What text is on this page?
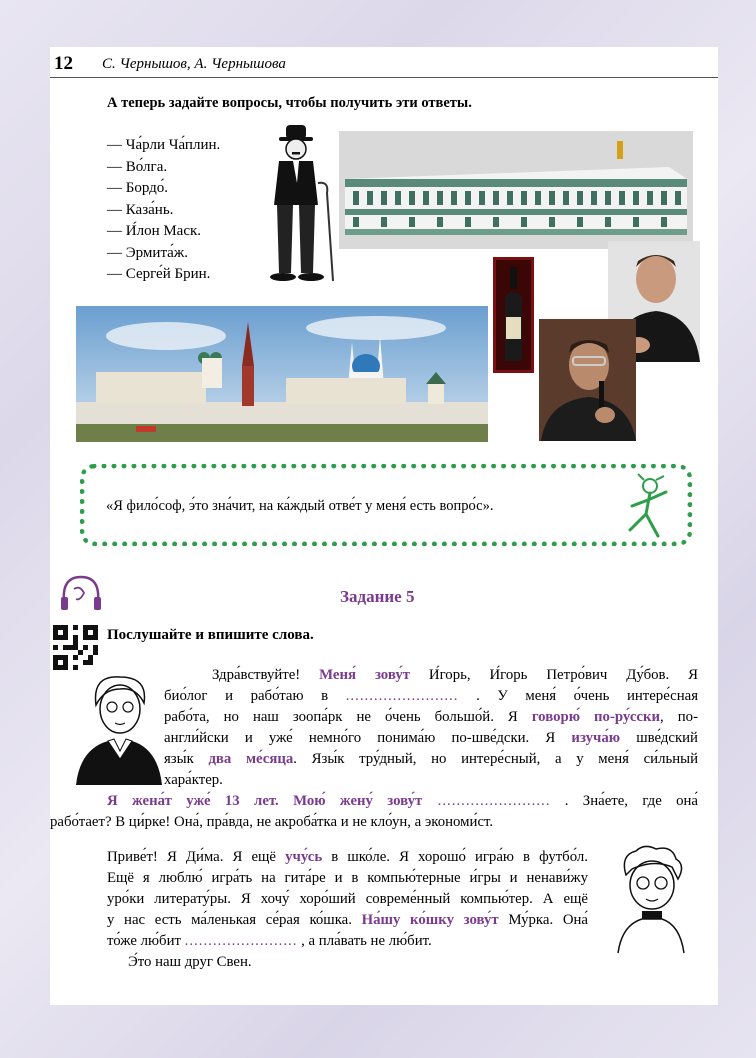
12 С. Чернышов, А. Чернышова
А теперь задайте вопросы, чтобы получить эти ответы.
— Ча́рли Ча́плин.
— Во́лга.
— Бордо́.
— Каза́нь.
— И́лон Маск.
— Эрмита́ж.
— Серге́й Брин.
«Я фило́соф, э́то зна́чит, на ка́ждый отве́т у меня́ есть вопро́с».
Задание 5
Послушайте и впишите слова.
Здра́вствуйте! Меня́ зову́т И́горь, И́горь Петро́вич Ду́бов. Я
био́лог и рабо́таю в ........................ . У меня́ о́чень интере́сная
рабо́та, но наш зоопа́рк не о́чень большо́й. Я говорю́ по-ру́сски, по-
англи́йски и уже́ немно́го понима́ю по-шве́дски. Я изуча́ю шве́дский
язы́к два ме́сяца. Язы́к тру́дный, но интере́сный, а у меня́ си́льный
хара́ктер.
Я жена́т уже́ 13 лет. Мою́ жену́ зову́т ........................ . Зна́ете, где она́
рабо́тает? В ци́рке! Она́, пра́вда, не акроба́тка и не кло́ун, а экономи́ст.
Приве́т! Я Ди́ма. Я ещё учу́сь в шко́ле. Я хорошо́ игра́ю в футбо́л.
Ещё я люблю́ игра́ть на гита́ре и в компью́терные и́гры и ненави́жу
уро́ки литерату́ры. Я хочу́ хоро́ший совреме́нный компью́тер. А ещё
у нас есть ма́ленькая се́рая ко́шка. На́шу ко́шку зову́т Му́рка. Она́
то́же лю́бит ........................ , а пла́вать не лю́бит.
Э́то наш друг Свен.
